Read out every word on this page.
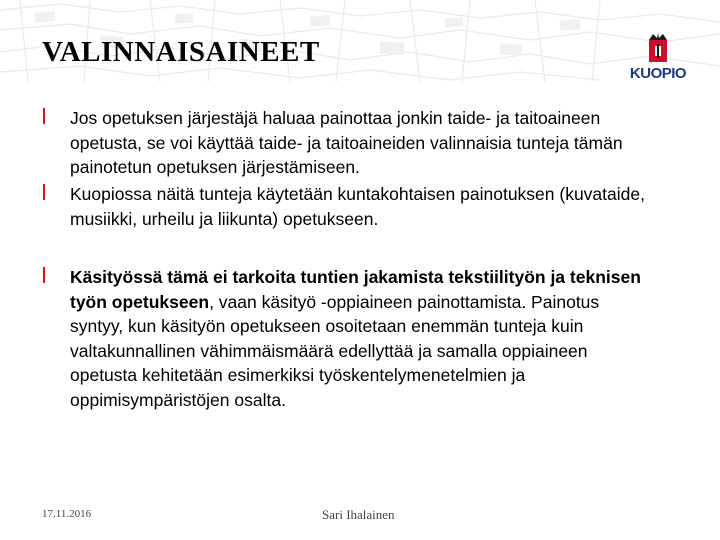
VALINNAISAINEET
KUOPIO
Jos opetuksen järjestäjä haluaa painottaa jonkin taide- ja taitoaineen opetusta, se voi käyttää taide- ja taitoaineiden valinnaisia tunteja tämän painotetun opetuksen järjestämiseen.
Kuopiossa näitä tunteja käytetään kuntakohtaisen painotuksen (kuvataide, musiikki, urheilu ja liikunta) opetukseen.
Käsityössä tämä ei tarkoita tuntien jakamista tekstiilityön ja teknisen työn opetukseen, vaan käsityö -oppiaineen painottamista. Painotus syntyy, kun käsityön opetukseen osoitetaan enemmän tunteja kuin valtakunnallinen vähimmäismäärä edellyttää ja samalla oppiaineen opetusta kehitetään esimerkiksi työskentelymenetelmien ja oppimisympäristöjen osalta.
17.11.2016	Sari Ihalainen
